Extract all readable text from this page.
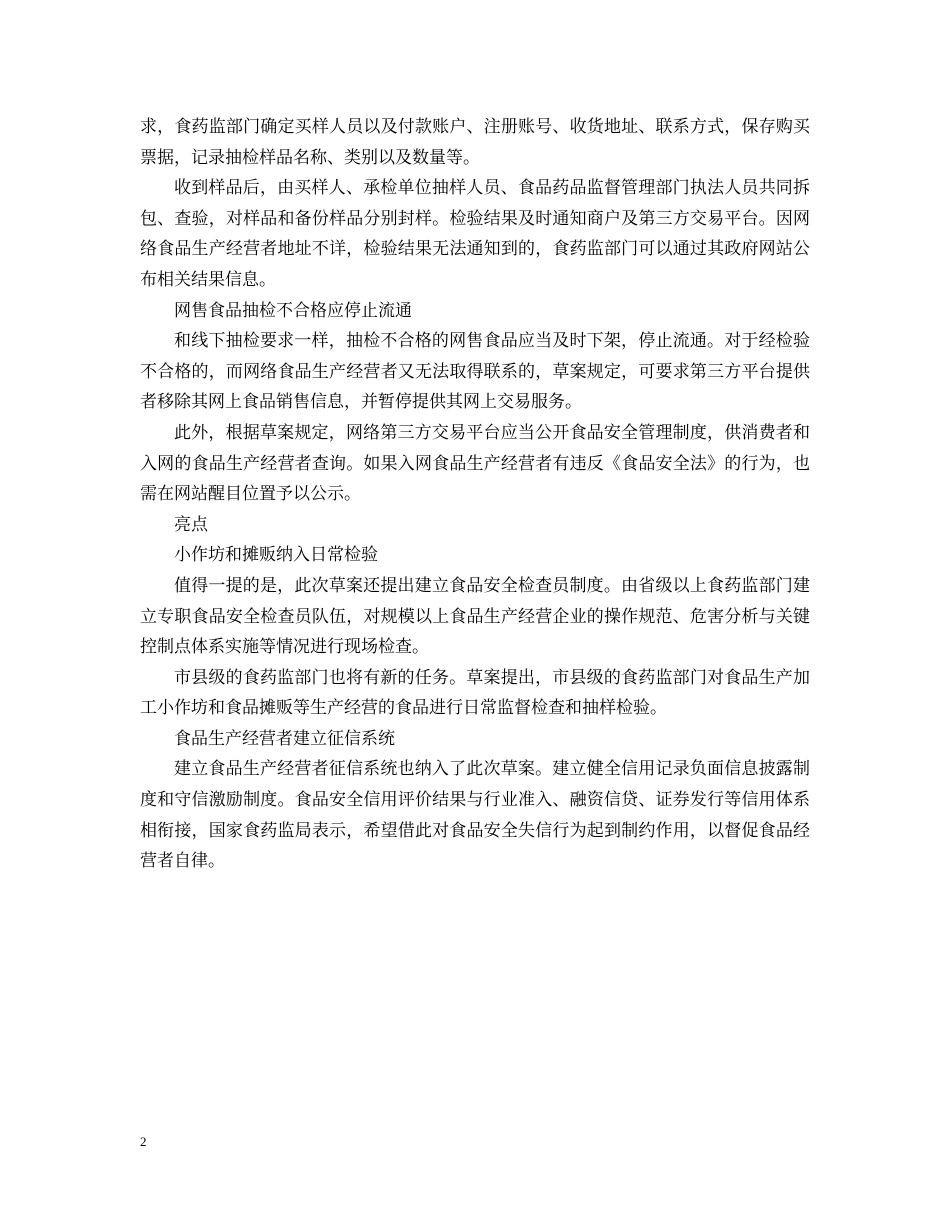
求，食药监部门确定买样人员以及付款账户、注册账号、收货地址、联系方式，保存购买票据，记录抽检样品名称、类别以及数量等。

收到样品后，由买样人、承检单位抽样人员、食品药品监督管理部门执法人员共同拆包、查验，对样品和备份样品分别封样。检验结果及时通知商户及第三方交易平台。因网络食品生产经营者地址不详，检验结果无法通知到的，食药监部门可以通过其政府网站公布相关结果信息。

网售食品抽检不合格应停止流通

和线下抽检要求一样，抽检不合格的网售食品应当及时下架，停止流通。对于经检验不合格的，而网络食品生产经营者又无法取得联系的，草案规定，可要求第三方平台提供者移除其网上食品销售信息，并暂停提供其网上交易服务。

此外，根据草案规定，网络第三方交易平台应当公开食品安全管理制度，供消费者和入网的食品生产经营者查询。如果入网食品生产经营者有违反《食品安全法》的行为，也需在网站醒目位置予以公示。

亮点

小作坊和摊贩纳入日常检验

值得一提的是，此次草案还提出建立食品安全检查员制度。由省级以上食药监部门建立专职食品安全检查员队伍，对规模以上食品生产经营企业的操作规范、危害分析与关键控制点体系实施等情况进行现场检查。

市县级的食药监部门也将有新的任务。草案提出，市县级的食药监部门对食品生产加工小作坊和食品摊贩等生产经营的食品进行日常监督检查和抽样检验。

食品生产经营者建立征信系统

建立食品生产经营者征信系统也纳入了此次草案。建立健全信用记录负面信息披露制度和守信激励制度。食品安全信用评价结果与行业准入、融资信贷、证券发行等信用体系相衔接，国家食药监局表示，希望借此对食品安全失信行为起到制约作用，以督促食品经营者自律。

2
